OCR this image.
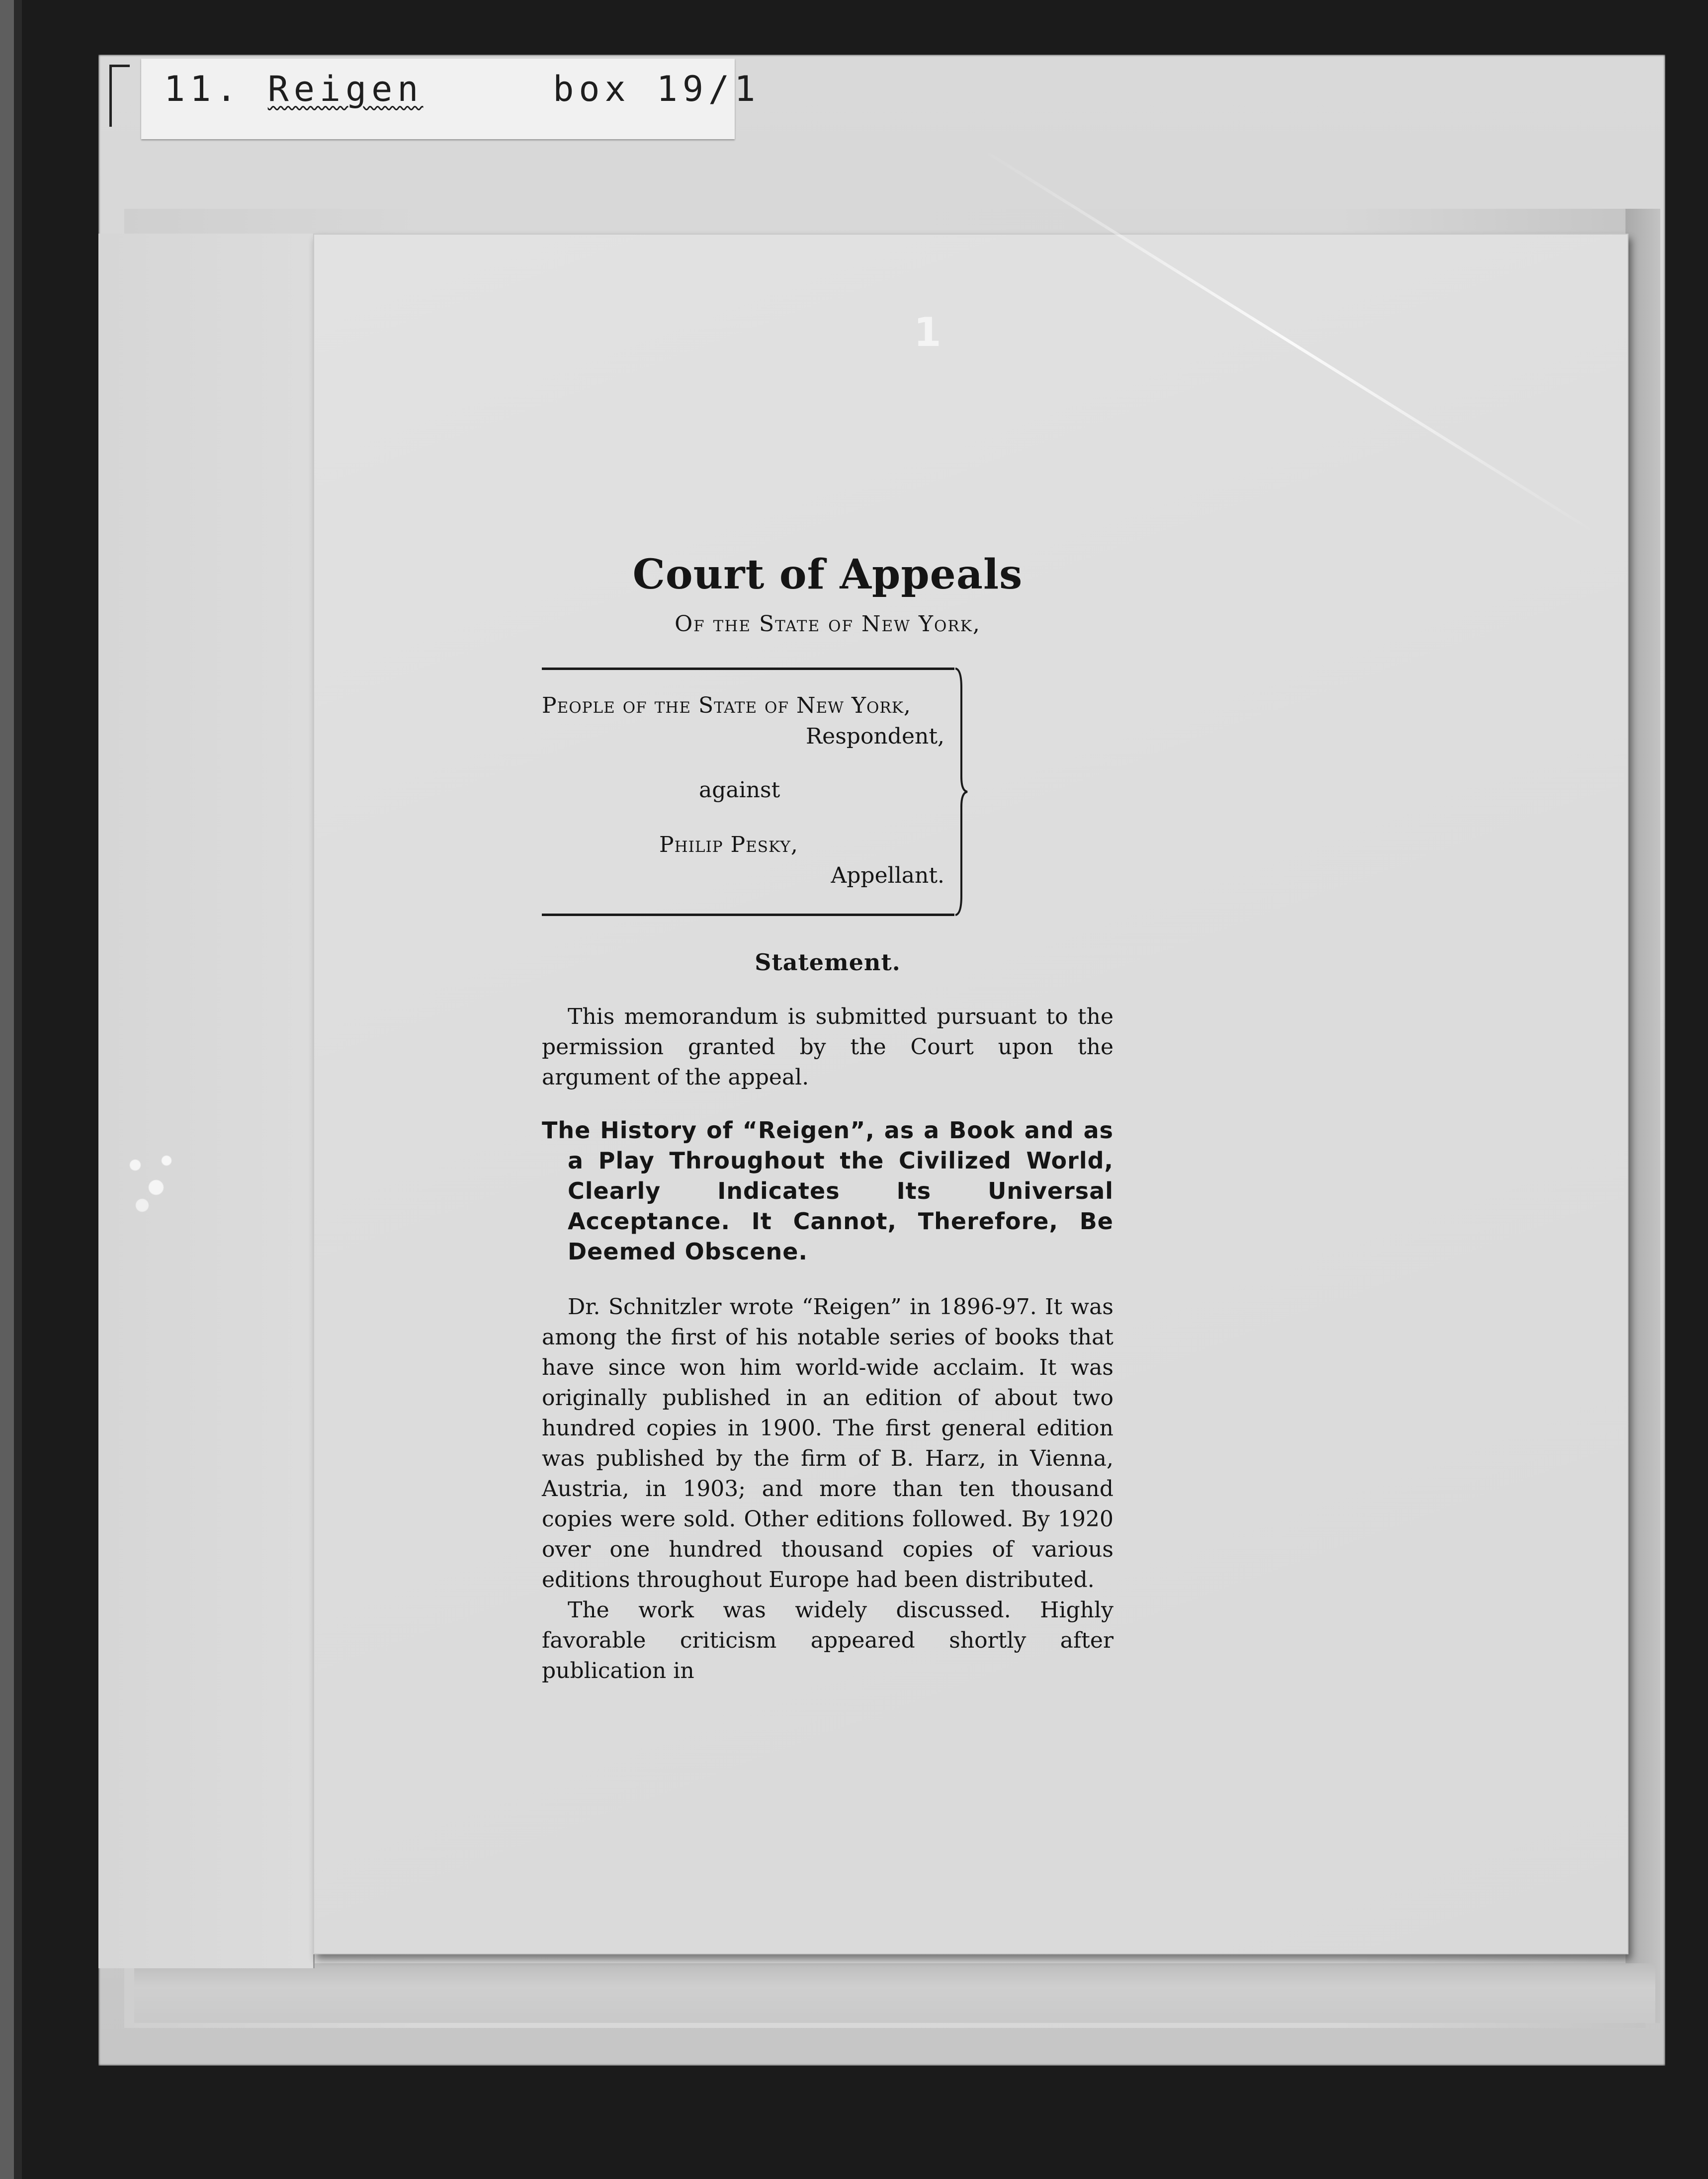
11. Reigen	box 19/1
1
Court of Appeals
Of the State of New York,
People of the State of New York,
Respondent,
against
Philip Pesky,
Appellant.
Statement.

This memorandum is submitted pursuant to the permission granted by the Court upon the argument of the appeal.

The History of “Reigen”, as a Book and as a Play Throughout the Civilized World, Clearly Indicates Its Universal Acceptance. It Cannot, Therefore, Be Deemed Obscene.

Dr. Schnitzler wrote “Reigen” in 1896-97. It was among the first of his notable series of books that have since won him world-wide acclaim. It was originally published in an edition of about two hundred copies in 1900. The first general edition was published by the firm of B. Harz, in Vienna, Austria, in 1903; and more than ten thousand copies were sold. Other editions followed. By 1920 over one hundred thousand copies of various editions throughout Europe had been distributed.

The work was widely discussed. Highly favorable criticism appeared shortly after publication in
